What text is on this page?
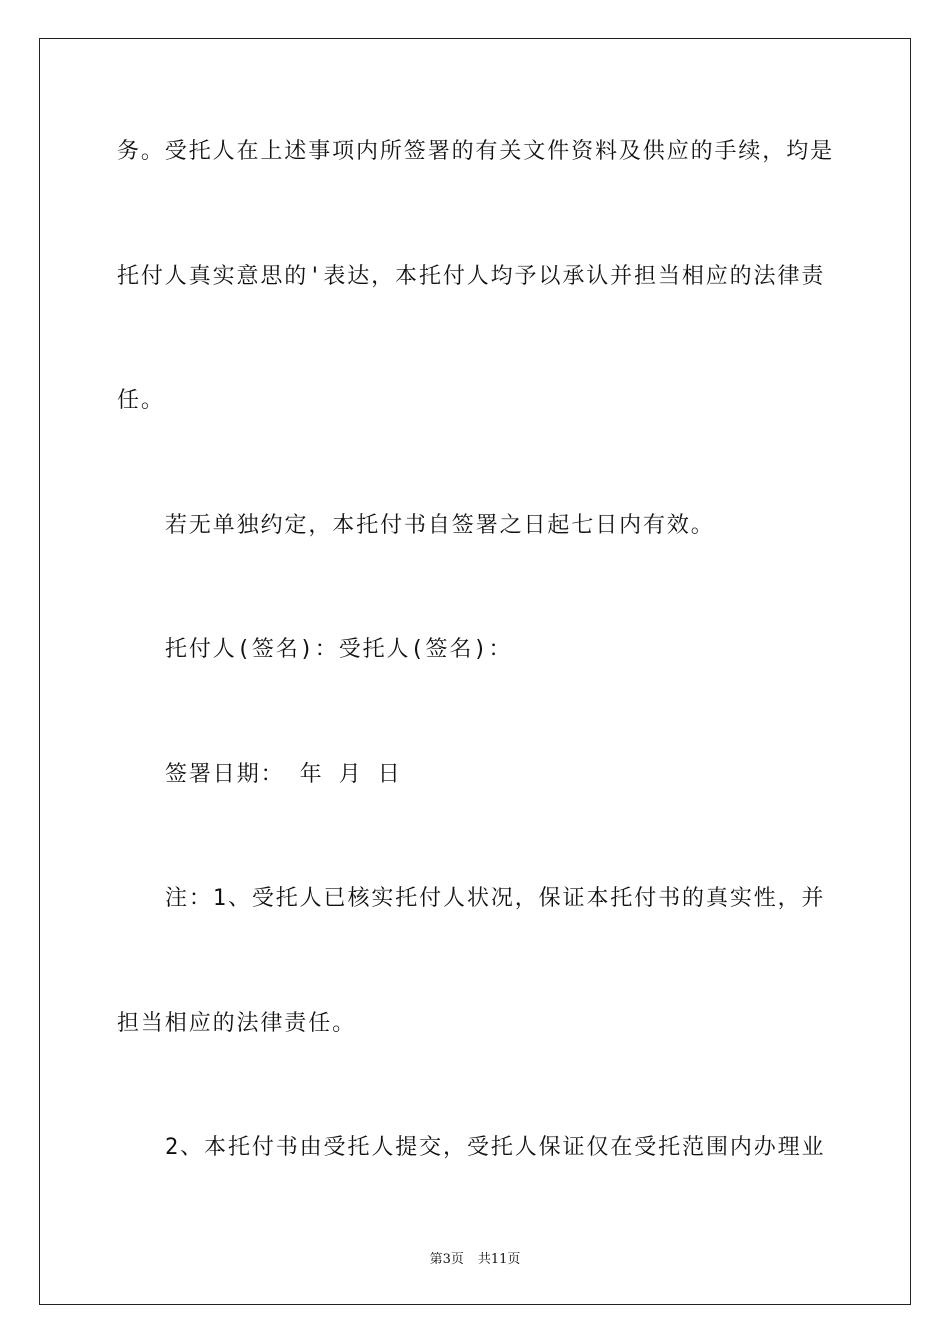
务。受托人在上述事项内所签署的有关文件资料及供应的手续，均是
托付人真实意思的'表达，本托付人均予以承认并担当相应的法律责
任。
若无单独约定，本托付书自签署之日起七日内有效。
托付人(签名)：受托人(签名)：
签署日期： 年 月 日
注：1、受托人已核实托付人状况，保证本托付书的真实性，并
担当相应的法律责任。
2、本托付书由受托人提交，受托人保证仅在受托范围内办理业
第3页 共11页
